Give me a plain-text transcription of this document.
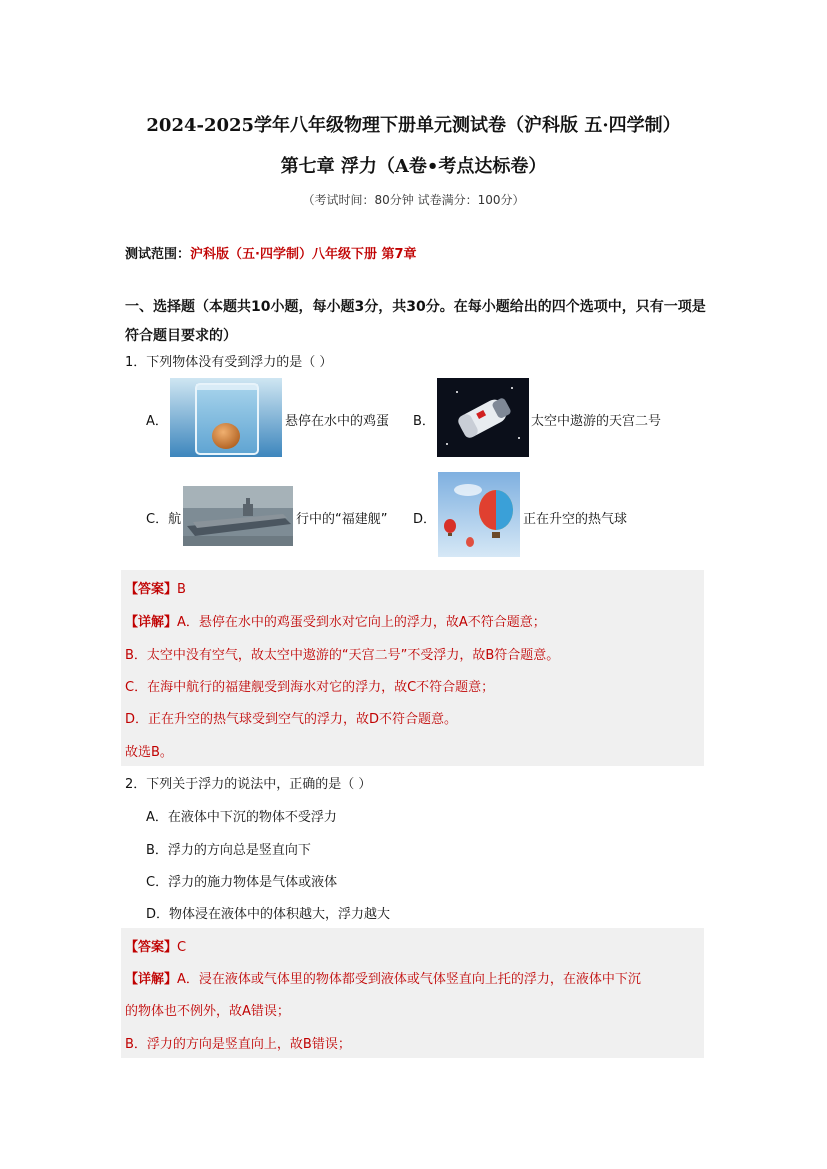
2024-2025学年八年级物理下册单元测试卷（沪科版 五·四学制）
第七章 浮力（A卷•考点达标卷）
（考试时间：80分钟 试卷满分：100分）
测试范围：沪科版（五·四学制）八年级下册 第7章
一、选择题（本题共10小题，每小题3分，共30分。在每小题给出的四个选项中，只有一项是符合题目要求的）
1．下列物体没有受到浮力的是（ ）
A．	悬停在水中的鸡蛋 B．	太空中遨游的天宫二号
C．航	行中的“福建舰” D．	正在升空的热气球
【答案】B
【详解】A．悬停在水中的鸡蛋受到水对它向上的浮力，故A不符合题意；
B．太空中没有空气，故太空中遨游的“天宫二号”不受浮力，故B符合题意。
C．在海中航行的福建舰受到海水对它的浮力，故C不符合题意；
D．正在升空的热气球受到空气的浮力，故D不符合题意。
故选B。
2．下列关于浮力的说法中，正确的是（ ）
A．在液体中下沉的物体不受浮力
B．浮力的方向总是竖直向下
C．浮力的施力物体是气体或液体
D．物体浸在液体中的体积越大，浮力越大
【答案】C
【详解】A．浸在液体或气体里的物体都受到液体或气体竖直向上托的浮力，在液体中下沉
的物体也不例外，故A错误；
B．浮力的方向是竖直向上，故B错误；
